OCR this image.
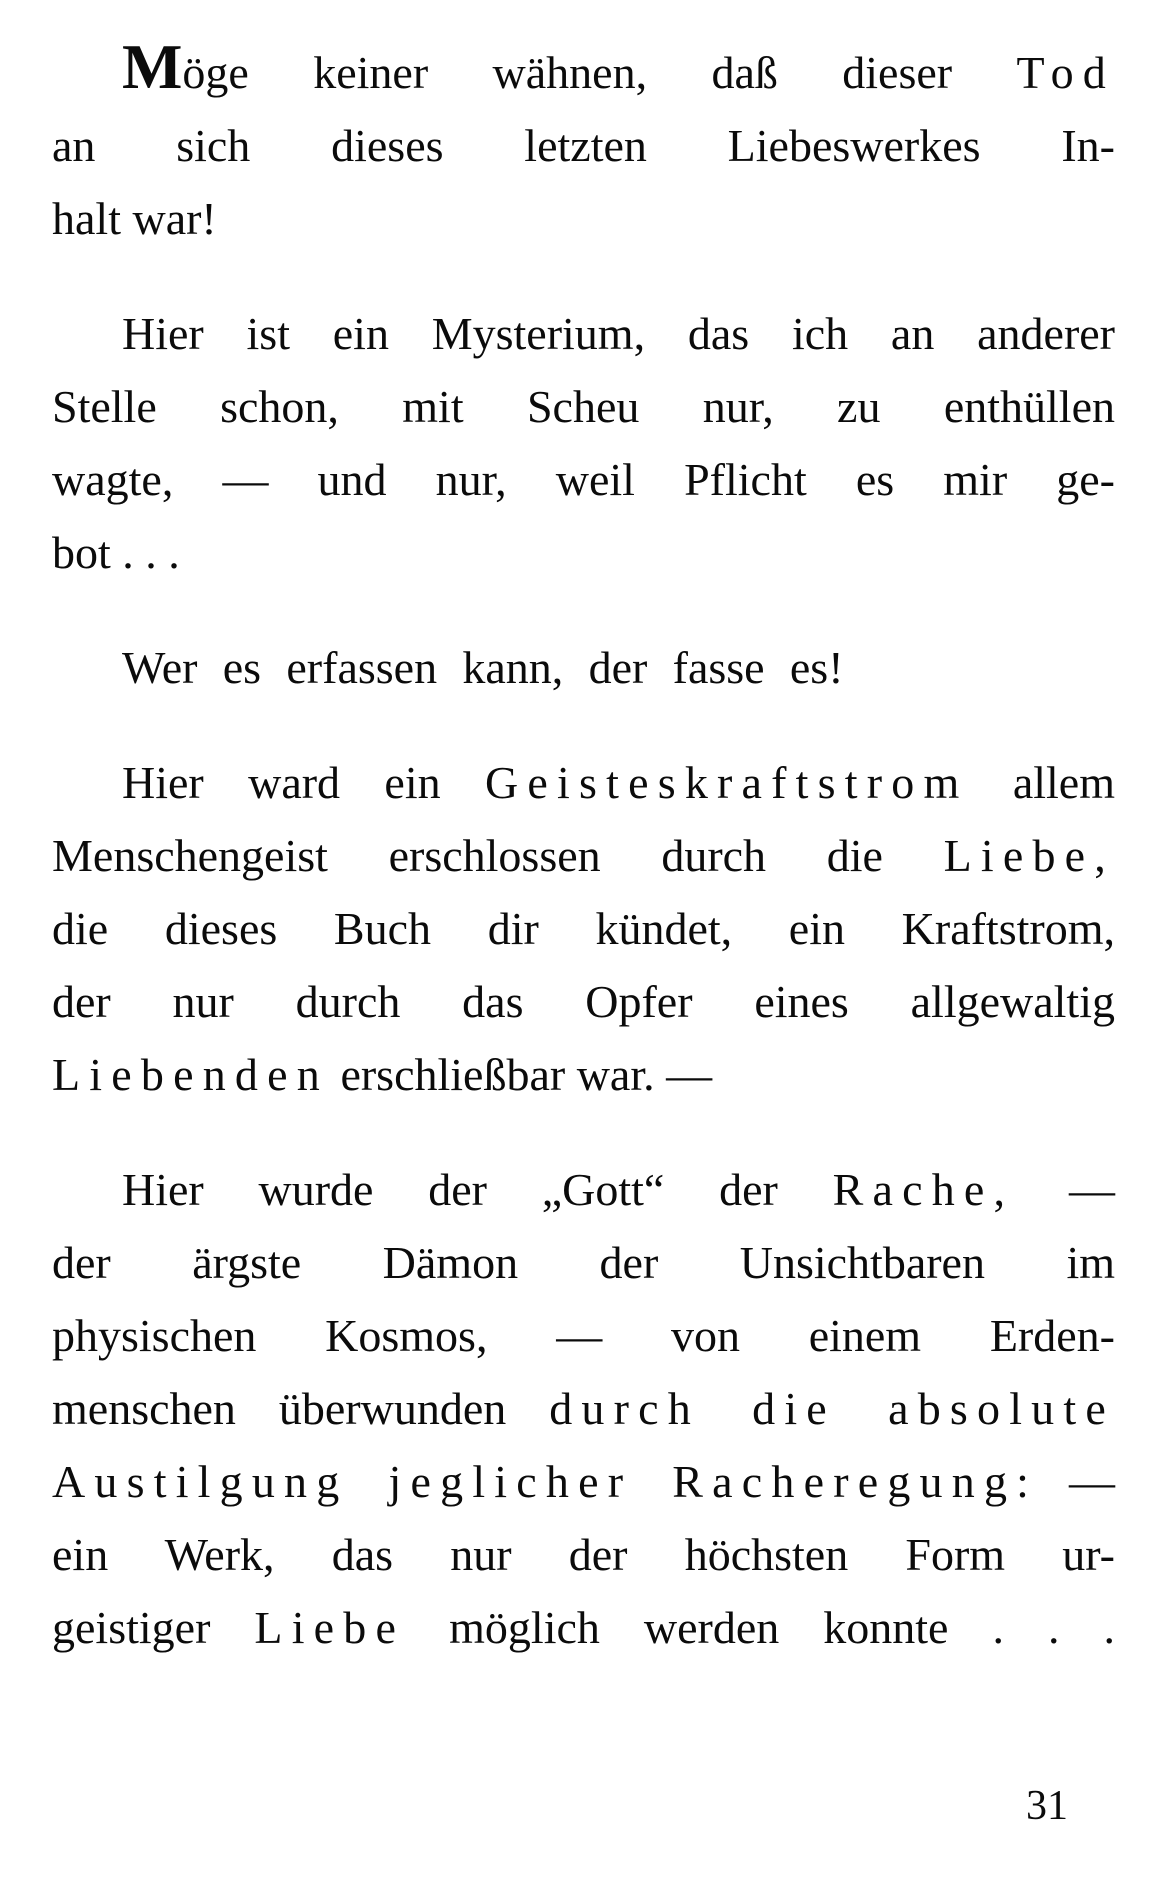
Möge keiner wähnen, daß dieser Tod
an sich dieses letzten Liebeswerkes In-
halt war!
Hier ist ein Mysterium, das ich an anderer
Stelle schon, mit Scheu nur, zu enthüllen
wagte, — und nur, weil Pflicht es mir ge-
bot . . .
Wer es erfassen kann, der fasse es!
Hier ward ein Geisteskraftstrom allem
Menschengeist erschlossen durch die Liebe,
die dieses Buch dir kündet, ein Kraftstrom,
der nur durch das Opfer eines allgewaltig
Liebenden erschließbar war. —
Hier wurde der „Gott“ der Rache, —
der ärgste Dämon der Unsichtbaren im
physischen Kosmos, — von einem Erden-
menschen überwunden durch die absolute
Austilgung jeglicher Racheregung: —
ein Werk, das nur der höchsten Form ur-
geistiger Liebe möglich werden konnte . . .
31
